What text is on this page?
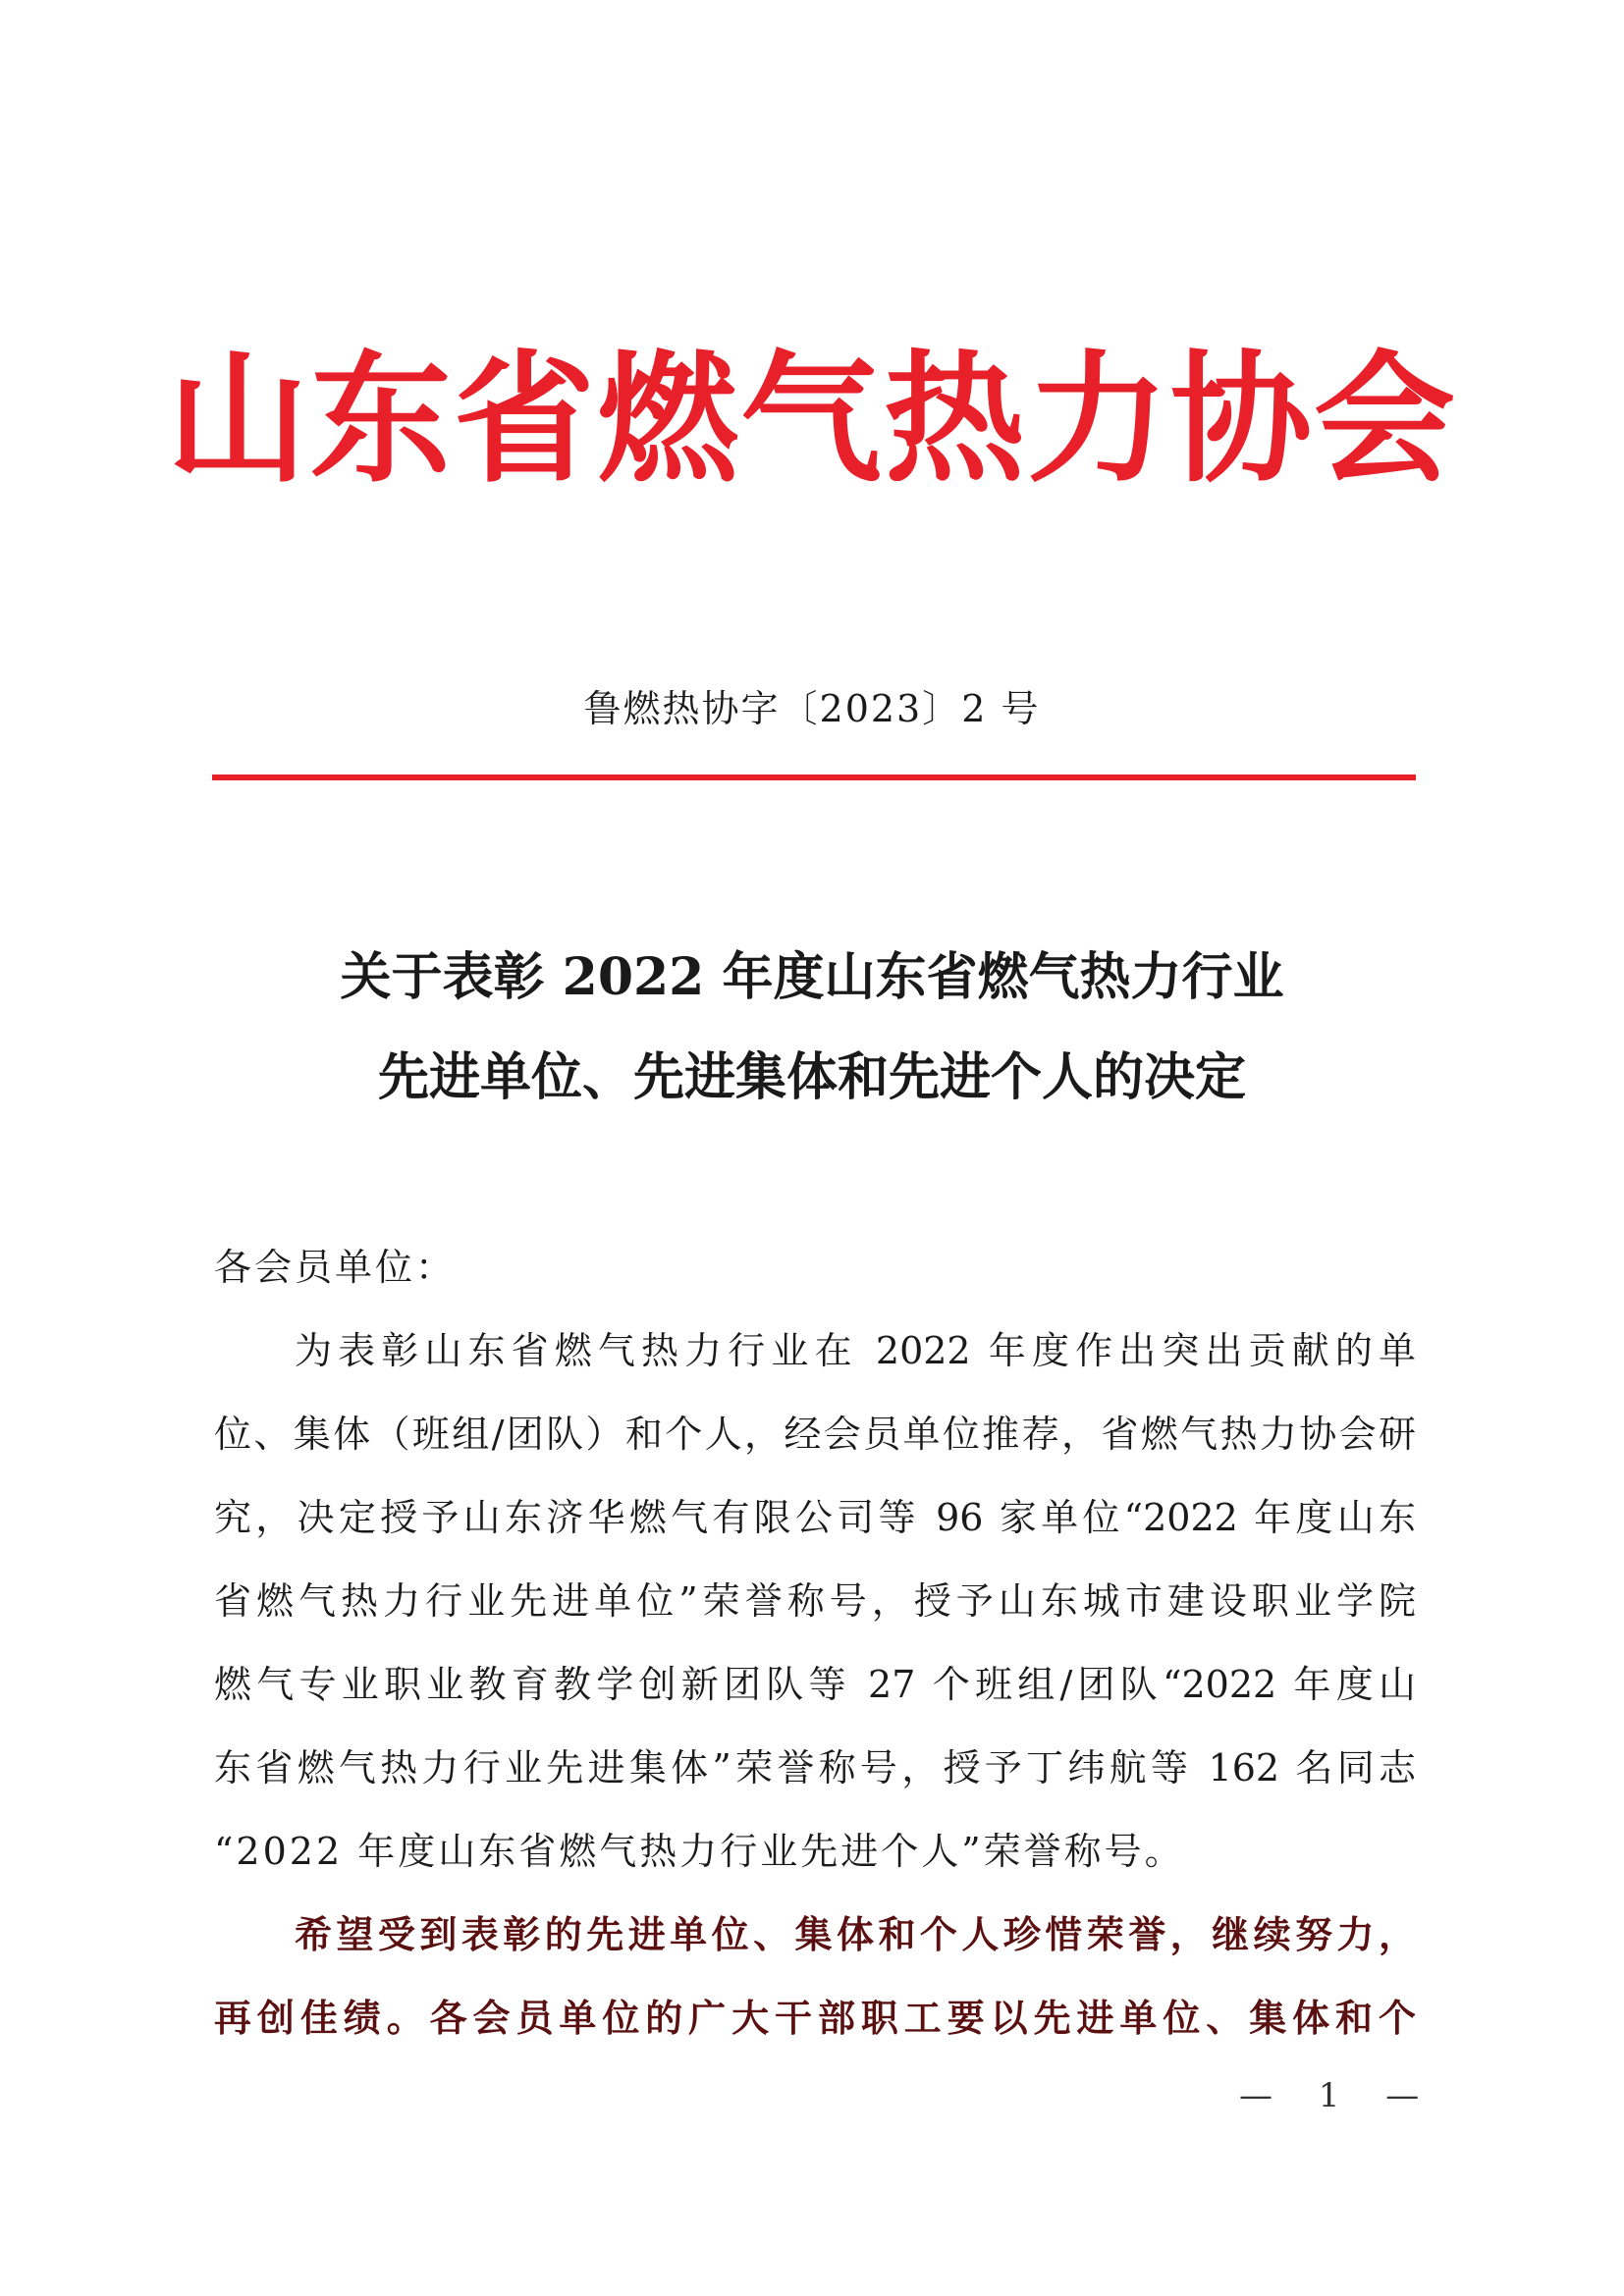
山东省燃气热力协会
鲁燃热协字〔2023〕2 号
关于表彰 2022 年度山东省燃气热力行业
先进单位、先进集体和先进个人的决定
各会员单位：
为表彰山东省燃气热力行业在 2022 年度作出突出贡献的单
位、集体（班组/团队）和个人，经会员单位推荐，省燃气热力协会研
究，决定授予山东济华燃气有限公司等 96 家单位“2022 年度山东
省燃气热力行业先进单位”荣誉称号，授予山东城市建设职业学院
燃气专业职业教育教学创新团队等 27 个班组/团队“2022 年度山
东省燃气热力行业先进集体”荣誉称号，授予丁纬航等 162 名同志
“2022 年度山东省燃气热力行业先进个人”荣誉称号。
希望受到表彰的先进单位、集体和个人珍惜荣誉，继续努力，
再创佳绩。各会员单位的广大干部职工要以先进单位、集体和个
— 1 —
